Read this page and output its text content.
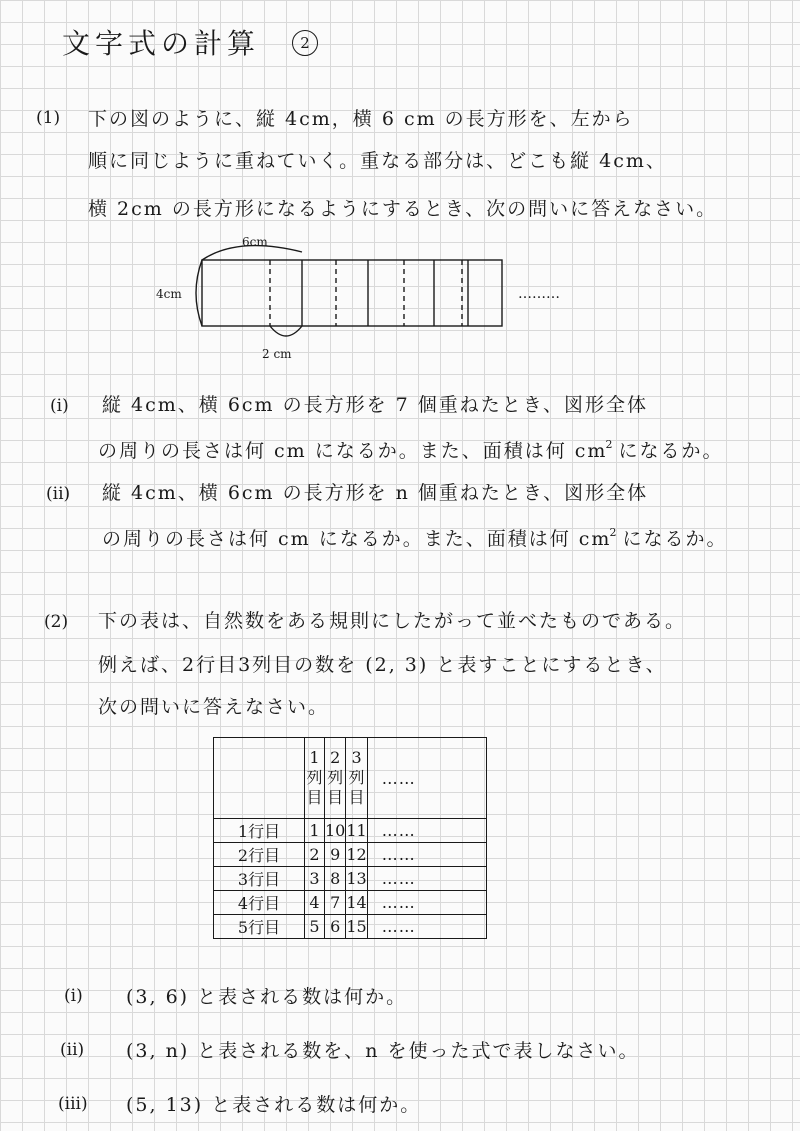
文字式の計算	2
(1) 下の図のように、縦 4cm，横 6 cm の長方形を、左から
順に同じように重ねていく。重なる部分は、どこも縦 4cm、
横 2cm の長方形になるようにするとき、次の問いに答えなさい。
6cm
4cm
2 cm
………
(i) 縦 4cm、横 6cm の長方形を 7 個重ねたとき、図形全体
の周りの長さは何 cm になるか。また、面積は何 $cm^2$ になるか。
(ii) 縦 4cm、横 6cm の長方形を n 個重ねたとき、図形全体
の周りの長さは何 cm になるか。また、面積は何 $cm^2$ になるか。
(2) 下の表は、自然数をある規則にしたがって並べたものである。
例えば、2行目3列目の数を (2, 3) と表すことにするとき、
次の問いに答えなさい。
	1列目	2列目	3列目	……
1行目	1	10	11	……
2行目	2	9	12	……
3行目	3	8	13	……
4行目	4	7	14	……
5行目	5	6	15	……
(i) (3, 6) と表される数は何か。
(ii) (3, n) と表される数を、n を使った式で表しなさい。
(iii) (5, 13) と表される数は何か。
